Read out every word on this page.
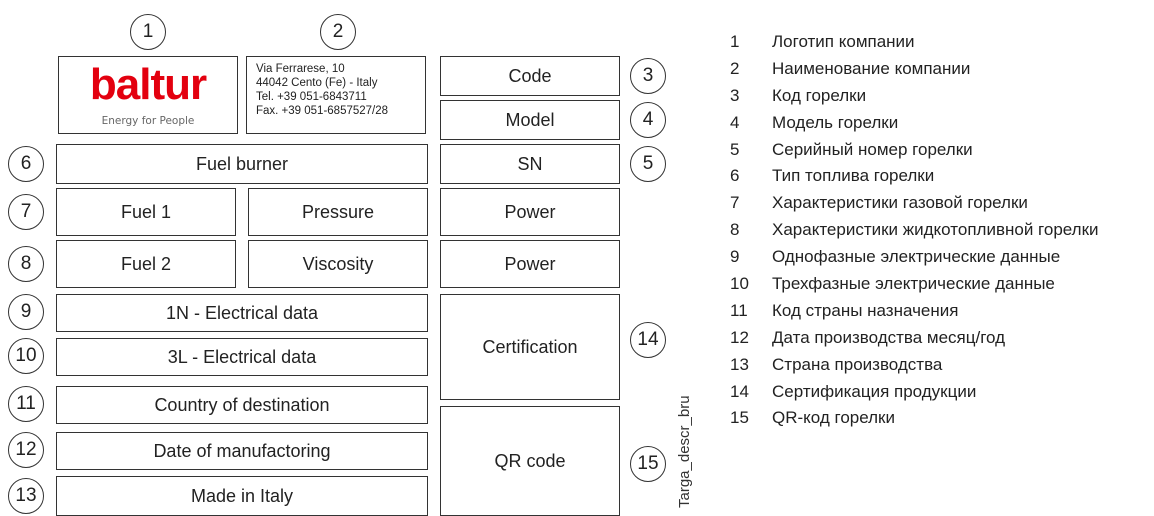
1	2
3
4
5
6
7
8
9
10
11
12
13
14
15
baltur
Energy for People
Via Ferrarese, 10
44042 Cento (Fe) - Italy
Tel. +39 051-6843711
Fax. +39 051-6857527/28
Code
Model
SN
Fuel burner
Fuel 1	Pressure	Power
Fuel 2	Viscosity	Power
1N - Electrical data
3L - Electrical data	Certification
Country of destination
Date of manufactoring
Made in Italy
QR code	Targa_descr_bru
1	Логотип компании
2	Наименование компании
3	Код горелки
4	Модель горелки
5	Серийный номер горелки
6	Тип топлива горелки
7	Характеристики газовой горелки
8	Характеристики жидкотопливной горелки
9	Однофазные электрические данные
10 Трехфазные электрические данные
11	Код страны назначения
12 Дата производства месяц/год
13 Страна производства
14 Сертификация продукции
15 QR-код горелки
